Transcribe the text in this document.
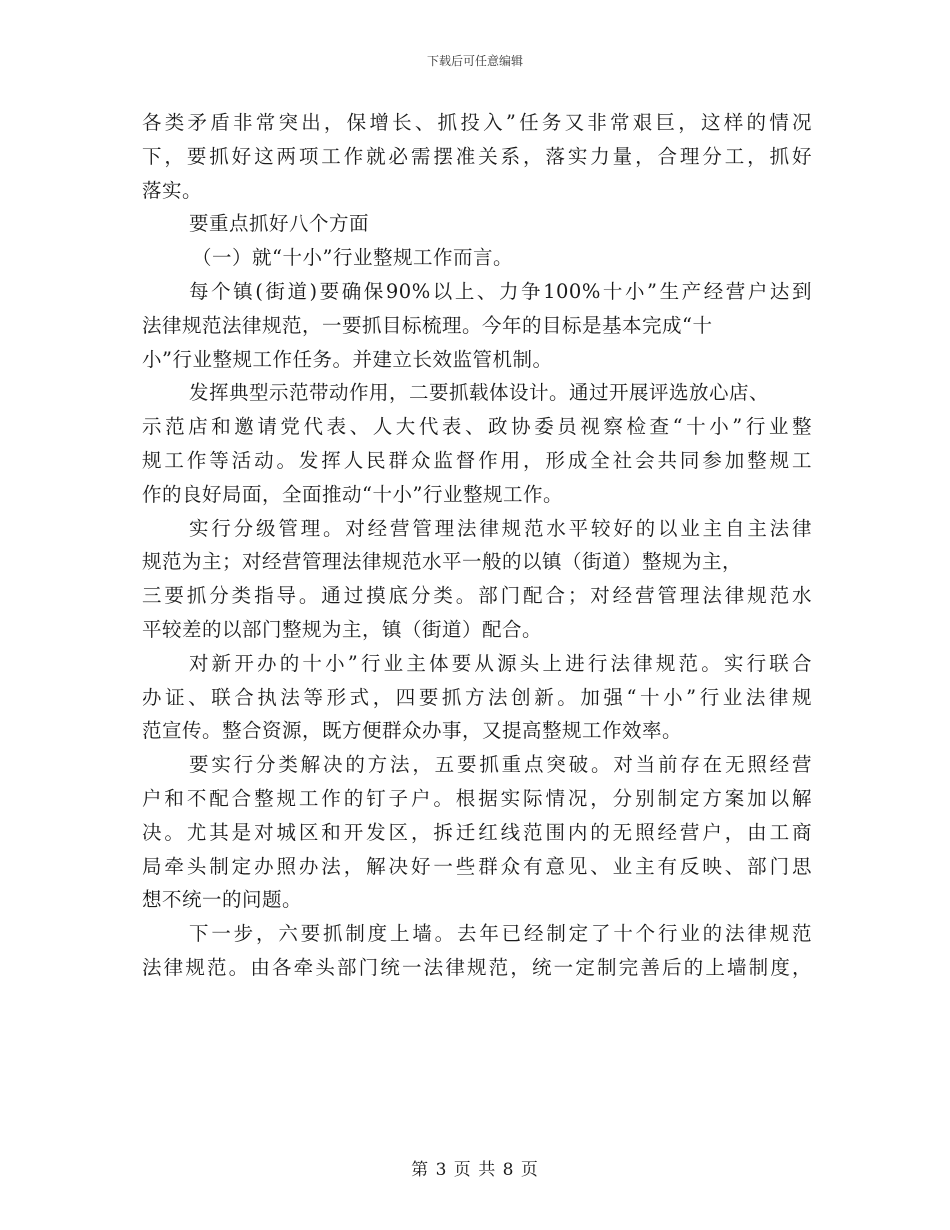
下载后可任意编辑
各类矛盾非常突出，保增长、抓投入”任务又非常艰巨，这样的情况
下，要抓好这两项工作就必需摆准关系，落实力量，合理分工，抓好
落实。
要重点抓好八个方面
（一）就“十小”行业整规工作而言。
每个镇(街道)要确保90%以上、力争100%十小”生产经营户达到
法律规范法律规范，一要抓目标梳理。今年的目标是基本完成“十
小”行业整规工作任务。并建立长效监管机制。
发挥典型示范带动作用，二要抓载体设计。通过开展评选放心店、
示范店和邀请党代表、人大代表、政协委员视察检查“十小”行业整
规工作等活动。发挥人民群众监督作用，形成全社会共同参加整规工
作的良好局面，全面推动“十小”行业整规工作。
实行分级管理。对经营管理法律规范水平较好的以业主自主法律
规范为主；对经营管理法律规范水平一般的以镇（街道）整规为主，
三要抓分类指导。通过摸底分类。部门配合；对经营管理法律规范水
平较差的以部门整规为主，镇（街道）配合。
对新开办的十小”行业主体要从源头上进行法律规范。实行联合
办证、联合执法等形式，四要抓方法创新。加强“十小”行业法律规
范宣传。整合资源，既方便群众办事，又提高整规工作效率。
要实行分类解决的方法，五要抓重点突破。对当前存在无照经营
户和不配合整规工作的钉子户。根据实际情况，分别制定方案加以解
决。尤其是对城区和开发区，拆迁红线范围内的无照经营户，由工商
局牵头制定办照办法，解决好一些群众有意见、业主有反映、部门思
想不统一的问题。
下一步，六要抓制度上墙。去年已经制定了十个行业的法律规范
法律规范。由各牵头部门统一法律规范，统一定制完善后的上墙制度，
第 3 页 共 8 页
